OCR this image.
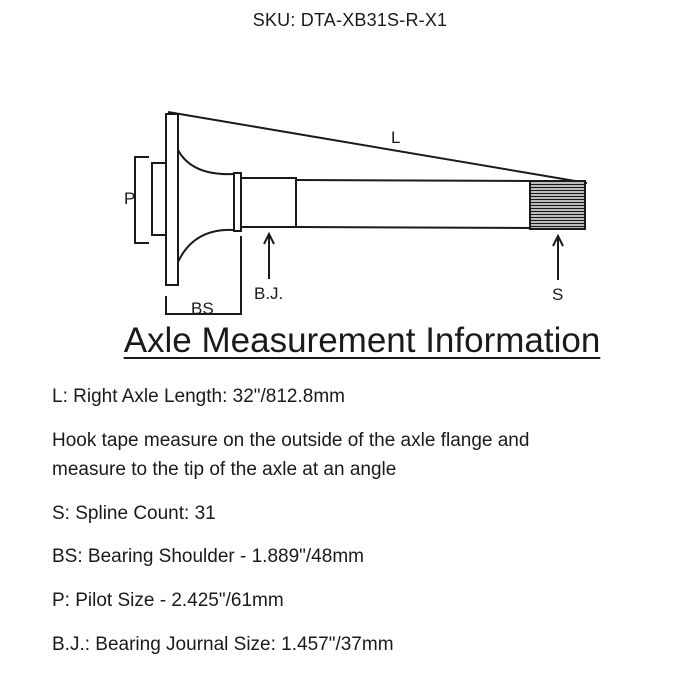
SKU: DTA-XB31S-R-X1
L
P
BS
B.J.	S
Axle Measurement Information
L: Right Axle Length: 32"/812.8mm
Hook tape measure on the outside of the axle flange and
measure to the tip of the axle at an angle
S: Spline Count: 31
BS: Bearing Shoulder - 1.889"/48mm
P: Pilot Size - 2.425"/61mm
B.J.: Bearing Journal Size: 1.457"/37mm
